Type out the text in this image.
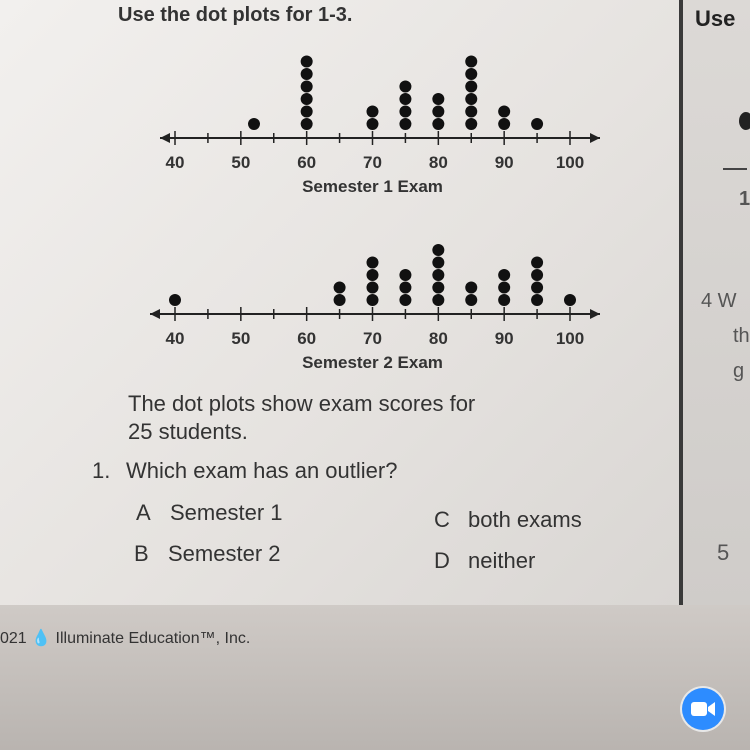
Use the dot plots for 1-3.
40	50	60	70	80	90 100
Semester 1 Exam
40	50	60	70	80	90 100
Semester 2 Exam
The dot plots show exam scores for
25 students.
1. Which exam has an outlier?
A Semester 1
B Semester 2
C both exams
D neither
Use
1
4 W
th
g
5
021 💧 Illuminate Education™, Inc.
